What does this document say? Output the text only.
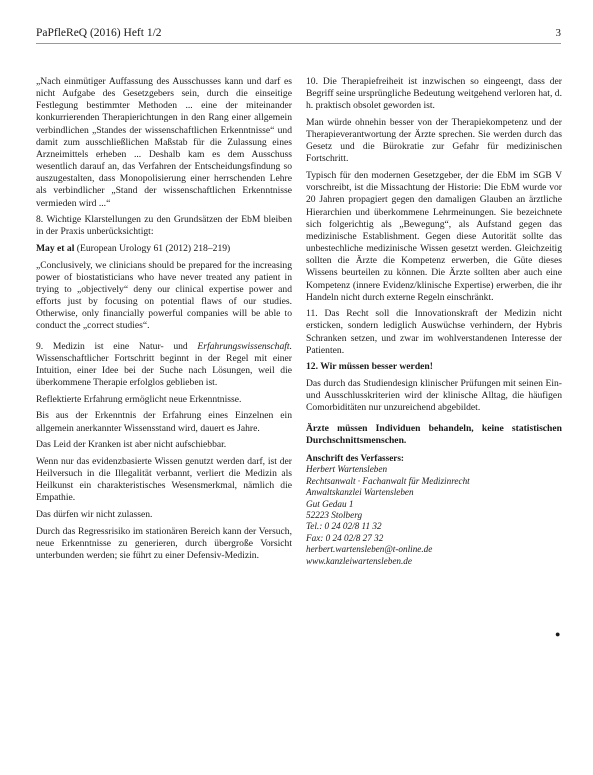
PaPfleReQ (2016) Heft 1/2	3

„Nach einmütiger Auffassung des Ausschusses kann und darf es nicht Aufgabe des Gesetzgebers sein, durch die einseitige Festlegung bestimmter Methoden ... eine der miteinander konkurrierenden Therapierichtungen in den Rang einer allgemein verbindlichen „Standes der wissenschaftlichen Erkenntnisse“ und damit zum ausschließlichen Maßstab für die Zulassung eines Arzneimittels erheben ... Deshalb kam es dem Ausschuss wesentlich darauf an, das Verfahren der Entscheidungsfindung so auszugestalten, dass Monopolisierung einer herrschenden Lehre als verbindlicher „Stand der wissenschaftlichen Erkenntnisse vermieden wird ...“

8. Wichtige Klarstellungen zu den Grundsätzen der EbM bleiben in der Praxis unberücksichtigt:

May et al (European Urology 61 (2012) 218–219)

„Conclusively, we clinicians should be prepared for the increasing power of biostatisticians who have never treated any patient in trying to „objectively“ deny our clinical expertise power and efforts just by focusing on potential flaws of our studies. Otherwise, only financially powerful companies will be able to conduct the „correct studies“.

9. Medizin ist eine Natur- und Erfahrungswissenschaft. Wissenschaftlicher Fortschritt beginnt in der Regel mit einer Intuition, einer Idee bei der Suche nach Lösungen, weil die überkommene Therapie erfolglos geblieben ist.

Reflektierte Erfahrung ermöglicht neue Erkenntnisse.

Bis aus der Erkenntnis der Erfahrung eines Einzelnen ein allgemein anerkannter Wissensstand wird, dauert es Jahre.

Das Leid der Kranken ist aber nicht aufschiebbar.

Wenn nur das evidenzbasierte Wissen genutzt werden darf, ist der Heilversuch in die Illegalität verbannt, verliert die Medizin als Heilkunst ein charakteristisches Wesensmerkmal, nämlich die Empathie.

Das dürfen wir nicht zulassen.

Durch das Regressrisiko im stationären Bereich kann der Versuch, neue Erkenntnisse zu generieren, durch übergroße Vorsicht unterbunden werden; sie führt zu einer Defensiv-Medizin.

10. Die Therapiefreiheit ist inzwischen so eingeengt, dass der Begriff seine ursprüngliche Bedeutung weitgehend verloren hat, d. h. praktisch obsolet geworden ist.

Man würde ohnehin besser von der Therapiekompetenz und der Therapieverantwortung der Ärzte sprechen. Sie werden durch das Gesetz und die Bürokratie zur Gefahr für medizinischen Fortschritt.

Typisch für den modernen Gesetzgeber, der die EbM im SGB V vorschreibt, ist die Missachtung der Historie: Die EbM wurde vor 20 Jahren propagiert gegen den damaligen Glauben an ärztliche Hierarchien und überkommene Lehrmeinungen. Sie bezeichnete sich folgerichtig als „Bewegung“, als Aufstand gegen das medizinische Establishment. Gegen diese Autorität sollte das unbestechliche medizinische Wissen gesetzt werden. Gleichzeitig sollten die Ärzte die Kompetenz erwerben, die Güte dieses Wissens beurteilen zu können. Die Ärzte sollten aber auch eine Kompetenz (innere Evidenz/klinische Expertise) erwerben, die ihr Handeln nicht durch externe Regeln einschränkt.

11. Das Recht soll die Innovationskraft der Medizin nicht ersticken, sondern lediglich Auswüchse verhindern, der Hybris Schranken setzen, und zwar im wohlverstandenen Interesse der Patienten.

12. Wir müssen besser werden!

Das durch das Studiendesign klinischer Prüfungen mit seinen Ein- und Ausschlusskriterien wird der klinische Alltag, die häufigen Comorbiditäten nur unzureichend abgebildet.

Ärzte müssen Individuen behandeln, keine statistischen Durchschnittsmenschen.

Anschrift des Verfassers:
Herbert Wartensleben
Rechtsanwalt · Fachanwalt für Medizinrecht
Anwaltskanzlei Wartensleben
Gut Gedau 1
52223 Stolberg
Tel.: 0 24 02/8 11 32
Fax: 0 24 02/8 27 32
herbert.wartensleben@t-online.de
www.kanzleiwartensleben.de
●
